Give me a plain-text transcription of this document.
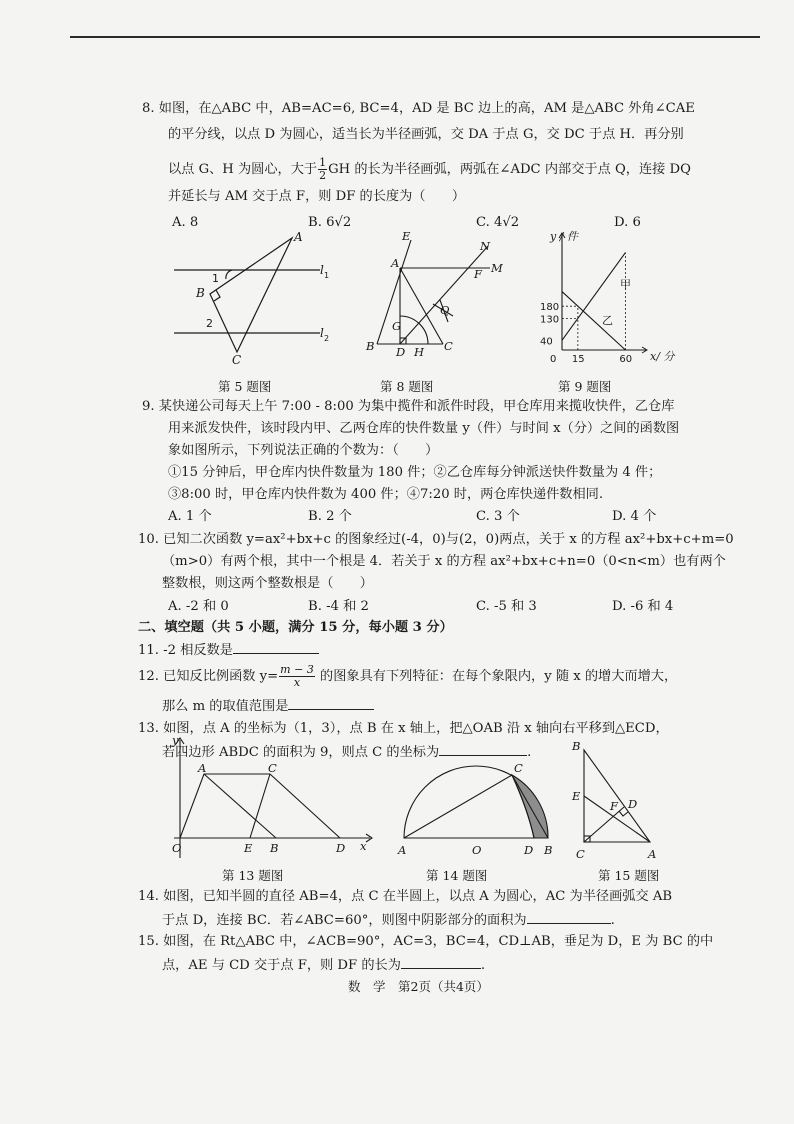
8. 如图，在△ABC 中，AB=AC=6, BC=4，AD 是 BC 边上的高，AM 是△ABC 外角∠CAE
的平分线，以点 D 为圆心，适当长为半径画弧，交 DA 于点 G，交 DC 于点 H．再分别
以点 G、H 为圆心，大于 $\frac{1}{2}$ GH 的长为半径画弧，两弧在∠ADC 内部交于点 Q，连接 DQ
并延长与 AM 交于点 F，则 DF 的长度为（　　）
A. 8	B. 6√2	C. 4√2	D. 6
A
B
C
1
2
l 1
l 2
E
N
A
F M
Q
G
B D H C
180
130
40
0 15	60
y / 件
x/ 分
甲
乙
第 5 题图	第 8 题图	第 9 题图
9. 某快递公司每天上午 7:00 - 8:00 为集中揽件和派件时段，甲仓库用来揽收快件，乙仓库
用来派发快件，该时段内甲、乙两仓库的快件数量 y（件）与时间 x（分）之间的函数图
象如图所示，下列说法正确的个数为：（　　）
①15 分钟后，甲仓库内快件数量为 180 件；②乙仓库每分钟派送快件数量为 4 件；
③8:00 时，甲仓库内快件数为 400 件；④7:20 时，两仓库快递件数相同.
A. 1 个	B. 2 个	C. 3 个	D. 4 个
10. 已知二次函数 y=ax²+bx+c 的图象经过(-4，0)与(2，0)两点，关于 x 的方程 ax²+bx+c+m=0
（m>0）有两个根，其中一个根是 4．若关于 x 的方程 ax²+bx+c+n=0（0<n<m）也有两个
整数根，则这两个整数根是（　　）
A. -2 和 0	B. -4 和 2	C. -5 和 3	D. -6 和 4
二、填空题（共 5 小题，满分 15 分，每小题 3 分）
11. -2 相反数是
12. 已知反比例函数 $y= \frac{m - 3}{x}$ 的图象具有下列特征：在每个象限内，y 随 x 的增大而增大，
那么 m 的取值范围是
13. 如图，点 A 的坐标为（1，3），点 B 在 x 轴上，把△OAB 沿 x 轴向右平移到△ECD，
若四边形 ABDC 的面积为 9，则点 C 的坐标为	.
y
A	C
O	E B	D x
C
A	O	D B
B
E
F D
C	A
第 13 题图	第 14 题图	第 15 题图
14. 如图，已知半圆的直径 AB=4，点 C 在半圆上，以点 A 为圆心，AC 为半径画弧交 AB
于点 D，连接 BC．若∠ABC=60°，则图中阴影部分的面积为	.
15. 如图，在 Rt△ABC 中，∠ACB=90°，AC=3，BC=4，CD⊥AB，垂足为 D，E 为 BC 的中
点，AE 与 CD 交于点 F，则 DF 的长为	.
数　学　第2页（共4页）
